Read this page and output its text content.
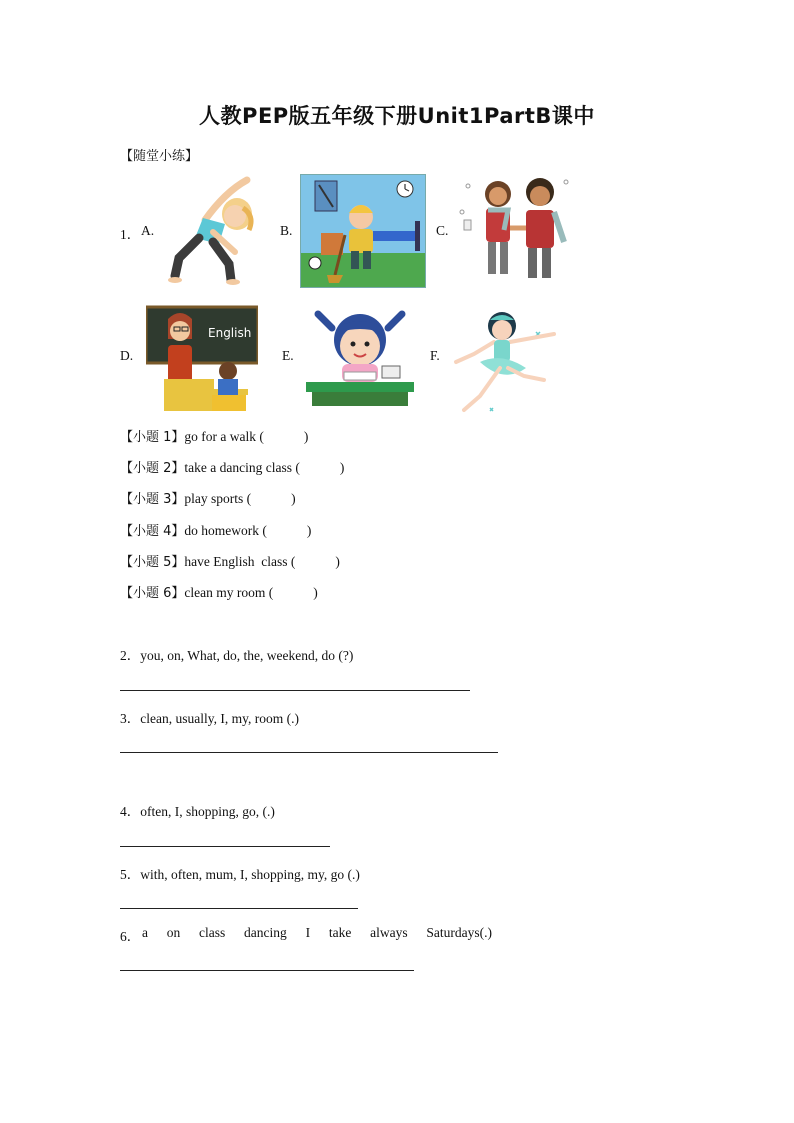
人教PEP版五年级下册Unit1PartB课中
【随堂小练】
1． A.	B.	C.
D.
English
E.	F.
【小题 1】go for a walk (	)
【小题 2】take a dancing class (	)
【小题 3】play sports (	)
【小题 4】do homework (	)
【小题 5】have English  class (	)
【小题 6】clean my room (	)
2．you, on, What, do, the, weekend, do (?)
3．clean, usually, I, my, room (.)
4．often, I, shopping, go, (.)
5．with, often, mum, I, shopping, my, go (.)
6． a on class dancing I take always Saturdays(.)
